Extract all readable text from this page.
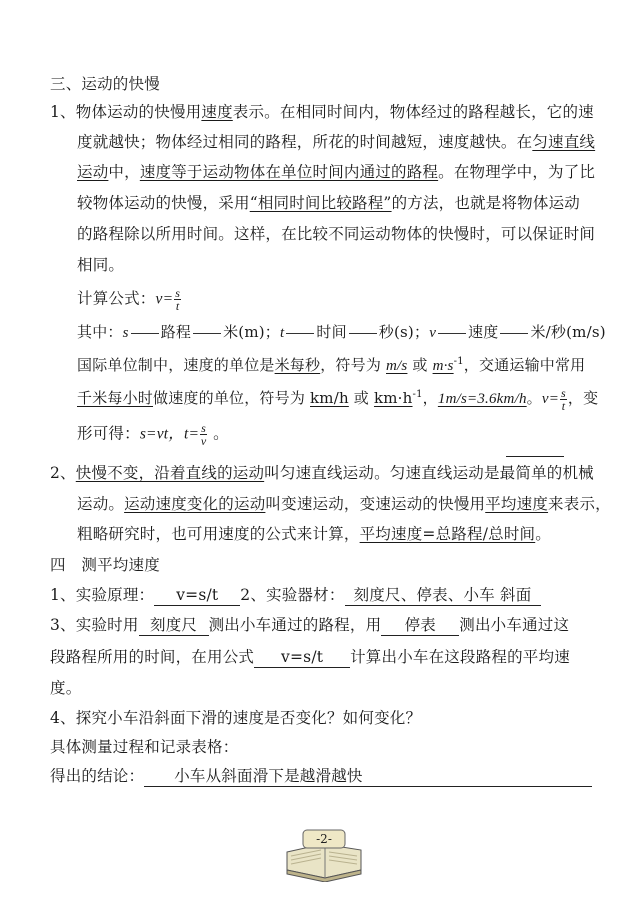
三、运动的快慢
1、物体运动的快慢用速度表示。在相同时间内，物体经过的路程越长，它的速
度就越快；物体经过相同的路程，所花的时间越短，速度越快。在匀速直线
运动中，速度等于运动物体在单位时间内通过的路程。在物理学中，为了比
较物体运动的快慢，采用“相同时间比较路程”的方法，也就是将物体运动
的路程除以所用时间。这样，在比较不同运动物体的快慢时，可以保证时间
相同。
计算公式：$v= \frac{s}{t}$
其中：s 路程 米(m)；t 时间 秒(s)；v 速度 米/秒(m/s)
国际单位制中，速度的单位是米每秒，符号为 m/s 或 $m\cdot s^{-1}$，交通运输中常用
千米每小时做速度的单位，符号为 km/h 或 $km\cdot h^{-1}$，1m/s=3.6km/h。$v= \frac{s}{t}$ ，变
形可得：s=vt，$t= \frac{s}{v}$ 。
2、快慢不变，沿着直线的运动叫匀速直线运动。匀速直线运动是最简单的机械
运动。运动速度变化的运动叫变速运动，变速运动的快慢用平均速度来表示，
粗略研究时，也可用速度的公式来计算，平均速度=总路程/总时间。
四　测平均速度
1、实验原理： v=s/t 2、实验器材： 刻度尺、停表、小车 斜面
3、实验时用 刻度尺 测出小车通过的路程，用 停表 测出小车通过这
段路程所用的时间，在用公式 v=s/t 计算出小车在这段路程的平均速
度。
4、探究小车沿斜面下滑的速度是否变化？如何变化？
具体测量过程和记录表格：
得出的结论： 小车从斜面滑下是越滑越快
-2-
